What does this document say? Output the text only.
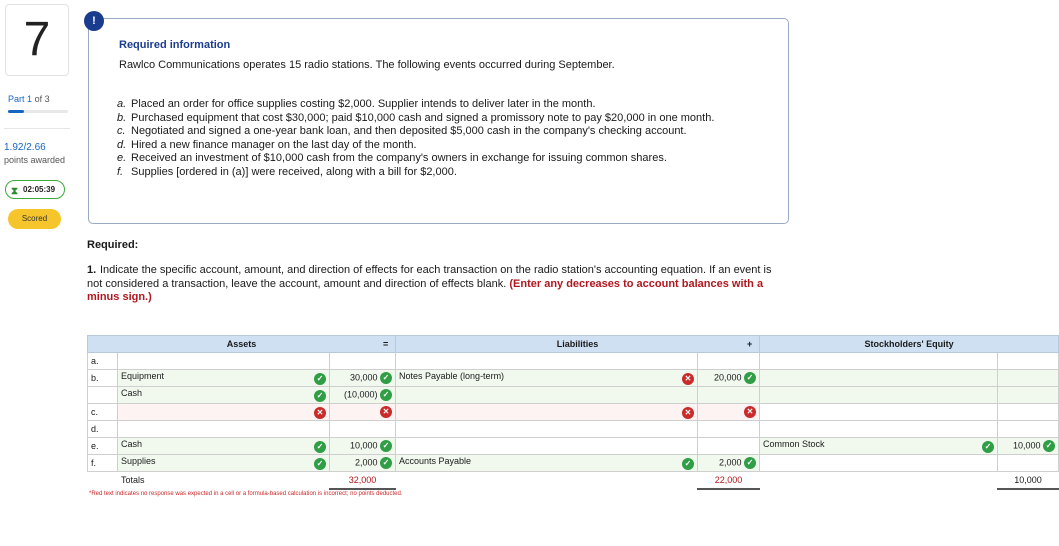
7
Part 1 of 3
1.92/2.66
points awarded
⧗ 02:05:39
Scored
!
Required information
Rawlco Communications operates 15 radio stations. The following events occurred during September.
a. Placed an order for office supplies costing $2,000. Supplier intends to deliver later in the month.
b. Purchased equipment that cost $30,000; paid $10,000 cash and signed a promissory note to pay $20,000 in one month.
c. Negotiated and signed a one-year bank loan, and then deposited $5,000 cash in the company's checking account.
d. Hired a new finance manager on the last day of the month.
e. Received an investment of $10,000 cash from the company's owners in exchange for issuing common shares.
f. Supplies [ordered in (a)] were received, along with a bill for $2,000.
Required:
1. Indicate the specific account, amount, and direction of effects for each transaction on the radio station's accounting equation. If an event is not considered a transaction, leave the account, amount and direction of effects blank. (Enter any decreases to account balances with a minus sign.)
Assets			= Liabilities		+ Stockholders' Equity	
a.						
b.	Equipment ✓	30,000 ✓	Notes Payable (long-term) ✕	20,000 ✓		
	Cash ✓	(10,000) ✓				
c.	✕	✕	✕	✕		
d.						
e.	Cash ✓	10,000 ✓			Common Stock ✓	10,000 ✓
f.	Supplies ✓	2,000 ✓	Accounts Payable ✓	2,000 ✓		
	Totals	32,000		22,000		10,000
*Red text indicates no response was expected in a cell or a formula-based calculation is incorrect; no points deducted.
